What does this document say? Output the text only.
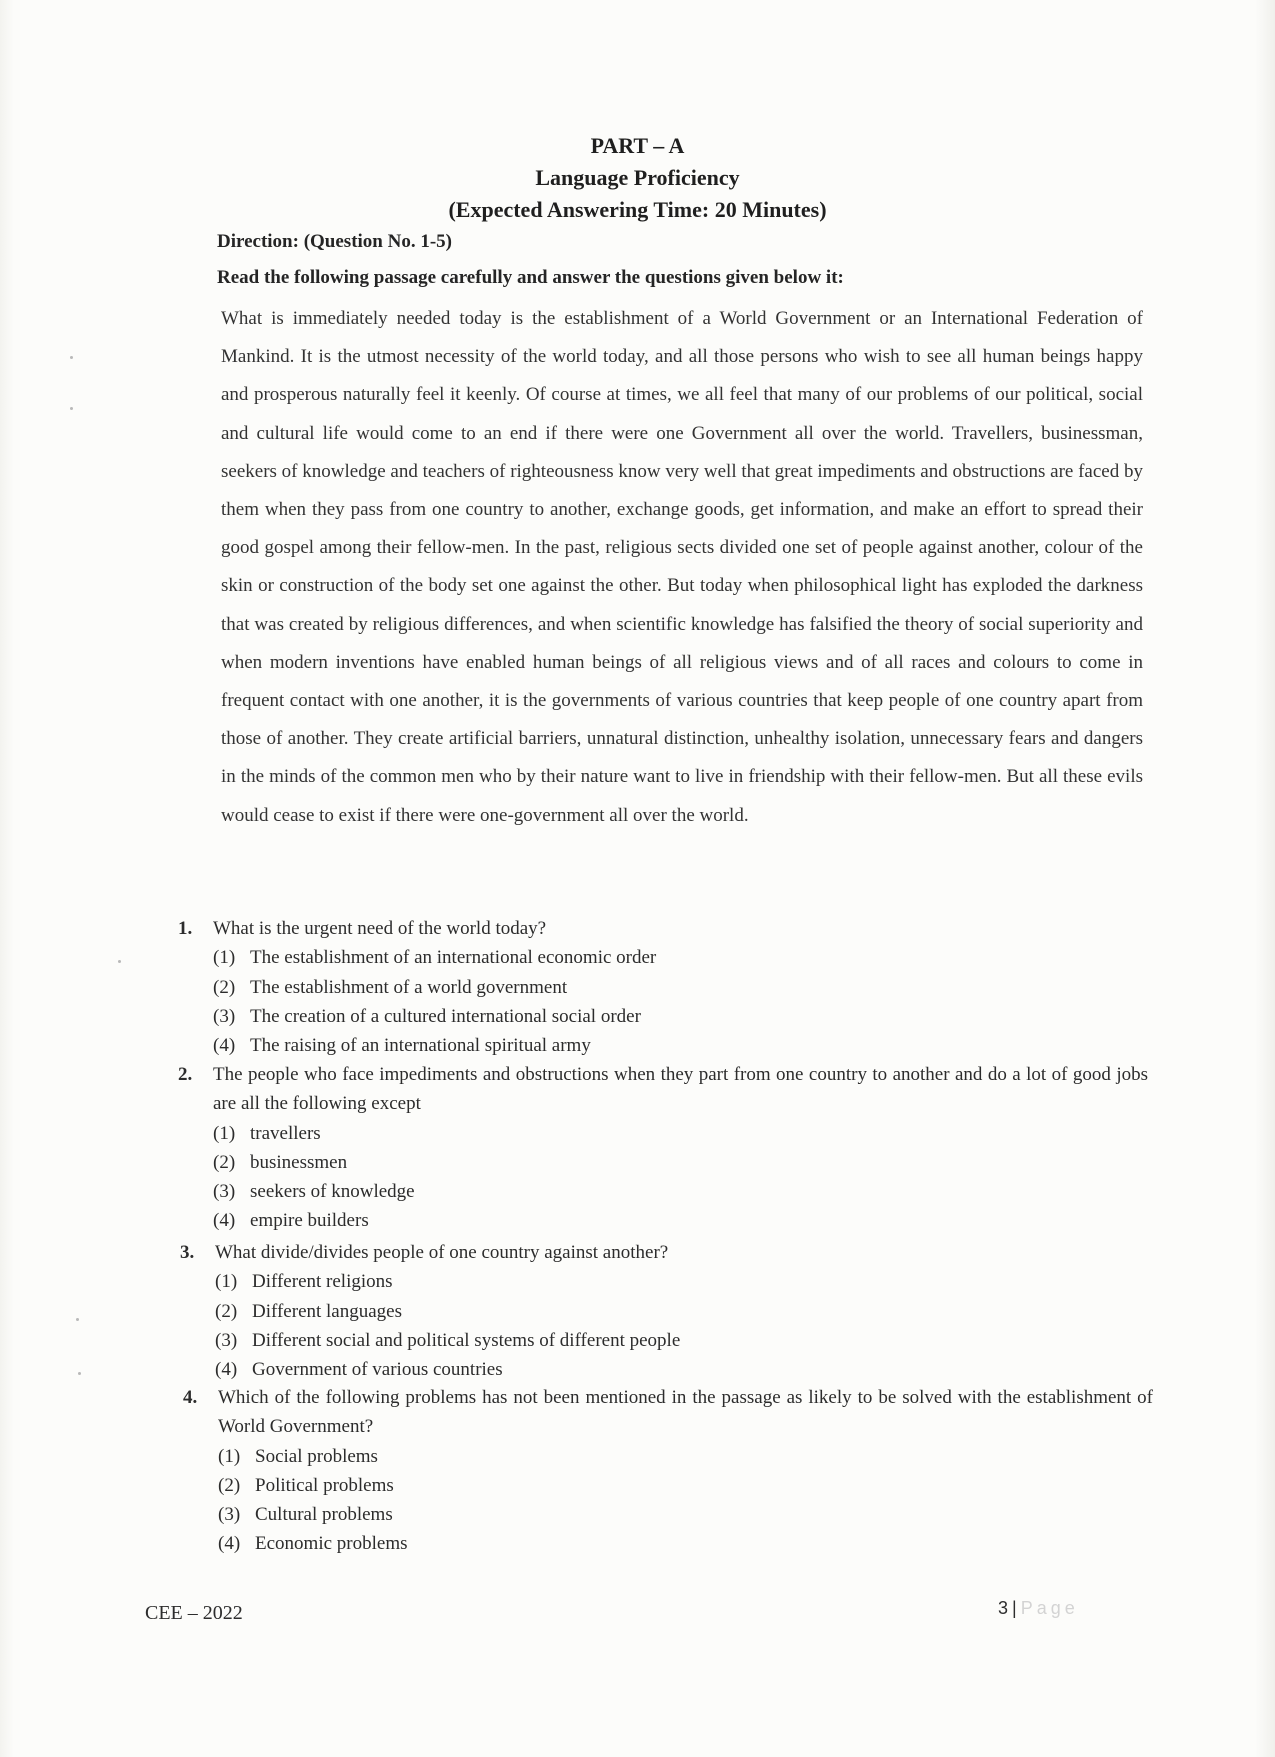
PART – A
Language Proficiency
(Expected Answering Time: 20 Minutes)
Direction: (Question No. 1-5)
Read the following passage carefully and answer the questions given below it:

What is immediately needed today is the establishment of a World Government or an International Federation of Mankind. It is the utmost necessity of the world today, and all those persons who wish to see all human beings happy and prosperous naturally feel it keenly. Of course at times, we all feel that many of our problems of our political, social and cultural life would come to an end if there were one Government all over the world. Travellers, businessman, seekers of knowledge and teachers of righteousness know very well that great impediments and obstructions are faced by them when they pass from one country to another, exchange goods, get information, and make an effort to spread their good gospel among their fellow-men. In the past, religious sects divided one set of people against another, colour of the skin or construction of the body set one against the other. But today when philosophical light has exploded the darkness that was created by religious differences, and when scientific knowledge has falsified the theory of social superiority and when modern inventions have enabled human beings of all religious views and of all races and colours to come in frequent contact with one another, it is the governments of various countries that keep people of one country apart from those of another. They create artificial barriers, unnatural distinction, unhealthy isolation, unnecessary fears and dangers in the minds of the common men who by their nature want to live in friendship with their fellow-men. But all these evils would cease to exist if there were one-government all over the world.

1. What is the urgent need of the world today?
(1) The establishment of an international economic order
(2) The establishment of a world government
(3) The creation of a cultured international social order
(4) The raising of an international spiritual army
2. The people who face impediments and obstructions when they part from one country to another and do a lot of good jobs are all the following except
(1) travellers
(2) businessmen
(3) seekers of knowledge
(4) empire builders
3. What divide/divides people of one country against another?
(1) Different religions
(2) Different languages
(3) Different social and political systems of different people
(4) Government of various countries
4. Which of the following problems has not been mentioned in the passage as likely to be solved with the establishment of World Government?
(1) Social problems
(2) Political problems
(3) Cultural problems
(4) Economic problems
CEE – 2022	3 | Page
